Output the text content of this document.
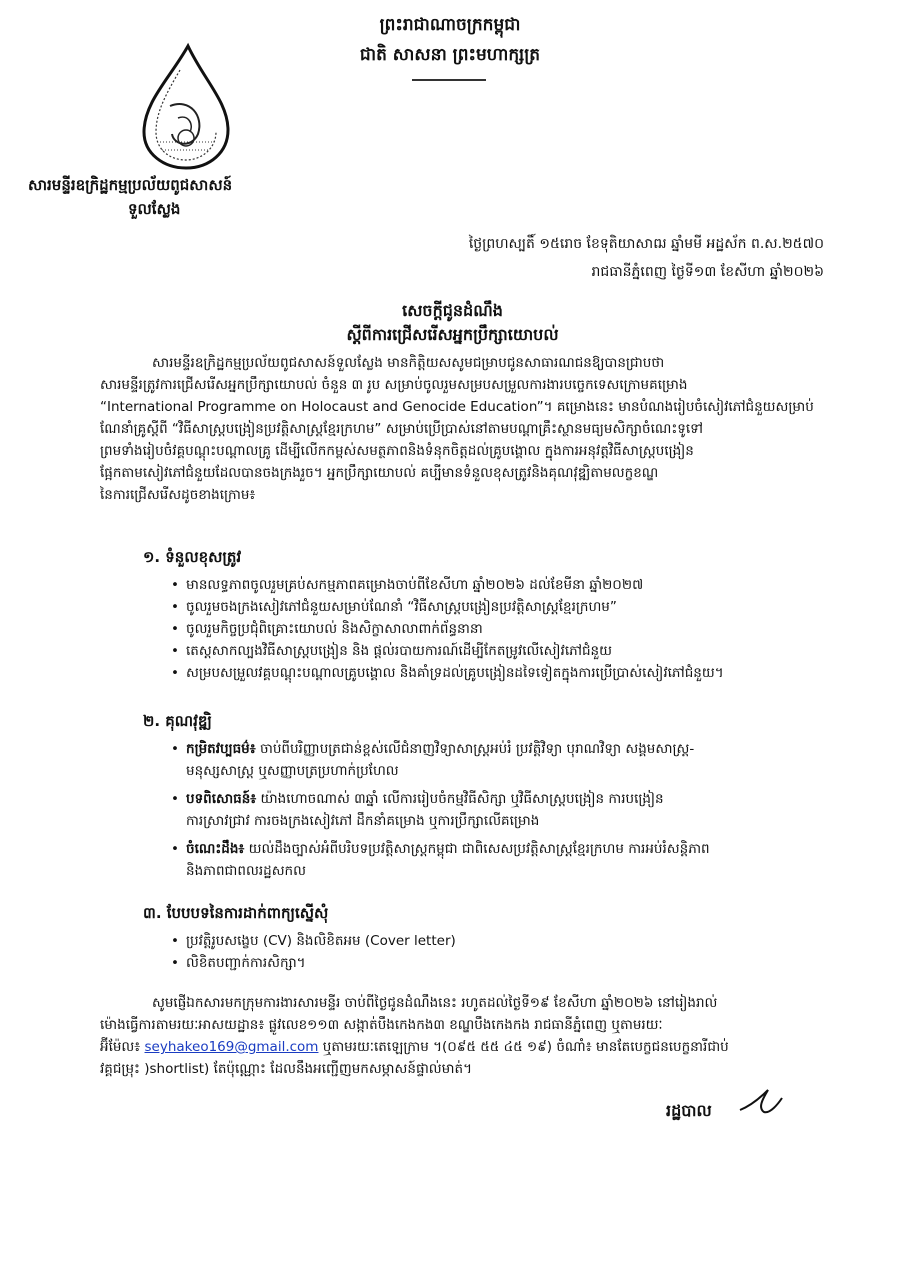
ព្រះរាជាណាចក្រកម្ពុជា
ជាតិ សាសនា ព្រះមហាក្សត្រ
សារមន្ទីរឧក្រិដ្ឋកម្មប្រល័យពូជសាសន៍
ទួលស្លែង
ថ្ងៃព្រហស្បតិ៍ ១៥រោច ខែទុតិយាសាឍ ឆ្នាំមមី អដ្ឋស័ក ព.ស.២៥៧០
រាជធានីភ្នំពេញ ថ្ងៃទី១៣ ខែសីហា ឆ្នាំ២០២៦
សេចក្តីជូនដំណឹង
ស្តីពីការជ្រើសរើសអ្នកប្រឹក្សាយោបល់
សារមន្ទីរឧក្រិដ្ឋកម្មប្រល័យពូជសាសន៍ទួលស្លែង មានកិត្តិយសសូមជម្រាបជូនសាធារណជនឱ្យបានជ្រាបថា
សារមន្ទីរត្រូវការជ្រើសរើសអ្នកប្រឹក្សាយោបល់ ចំនួន ៣ រូប សម្រាប់ចូលរួមសម្របសម្រួលការងារបច្ចេកទេសក្រោមគម្រោង
“International Programme on Holocaust and Genocide Education”។ គម្រោងនេះ មានបំណងរៀបចំសៀវភៅជំនួយសម្រាប់
ណែនាំគ្រូស្តីពី “វិធីសាស្ត្របង្រៀនប្រវត្តិសាស្ត្រខ្មែរក្រហម” សម្រាប់ប្រើប្រាស់នៅតាមបណ្តាគ្រឹះស្ថានមធ្យមសិក្សាចំណេះទូទៅ
ព្រមទាំងរៀបចំវគ្គបណ្តុះបណ្តាលគ្រូ ដើម្បីលើកកម្ពស់សមត្ថភាពនិងទំនុកចិត្តដល់គ្រូបង្គោល ក្នុងការអនុវត្តវិធីសាស្ត្របង្រៀន
ផ្អែកតាមសៀវភៅជំនួយដែលបានចងក្រងរួច។ អ្នកប្រឹក្សាយោបល់ គប្បីមានទំនួលខុសត្រូវនិងគុណវុឌ្ឍិតាមលក្ខខណ្ឌ
នៃការជ្រើសរើសដូចខាងក្រោម៖
១. ទំនួលខុសត្រូវ
• មានលទ្ធភាពចូលរួមគ្រប់សកម្មភាពគម្រោងចាប់ពីខែសីហា ឆ្នាំ២០២៦ ដល់ខែមីនា ឆ្នាំ២០២៧
• ចូលរួមចងក្រងសៀវភៅជំនួយសម្រាប់ណែនាំ “វិធីសាស្ត្របង្រៀនប្រវត្តិសាស្ត្រខ្មែរក្រហម”
• ចូលរួមកិច្ចប្រជុំពិគ្រោះយោបល់ និងសិក្ខាសាលាពាក់ព័ន្ធនានា
• តេស្តសាកល្បងវិធីសាស្ត្របង្រៀន និង ផ្តល់របាយការណ៍ដើម្បីកែតម្រូវលើសៀវភៅជំនួយ
• សម្របសម្រួលវគ្គបណ្តុះបណ្តាលគ្រូបង្គោល និងគាំទ្រដល់គ្រូបង្រៀនដទៃទៀតក្នុងការប្រើប្រាស់សៀវភៅជំនួយ។
២. គុណវុឌ្ឍិ
• កម្រិតវប្បធម៌៖ ចាប់ពីបរិញ្ញាបត្រជាន់ខ្ពស់លើជំនាញវិទ្យាសាស្ត្រអប់រំ ប្រវត្តិវិទ្យា បុរាណវិទ្យា សង្គមសាស្ត្រ-
មនុស្សសាស្ត្រ ឬសញ្ញាបត្រប្រហាក់ប្រហែល
• បទពិសោធន៍៖ យ៉ាងហោចណាស់ ៣ឆ្នាំ លើការរៀបចំកម្មវិធីសិក្សា ឬវិធីសាស្ត្របង្រៀន ការបង្រៀន
ការស្រាវជ្រាវ ការចងក្រងសៀវភៅ ដឹកនាំគម្រោង ឬការប្រឹក្សាលើគម្រោង
• ចំណេះដឹង៖ យល់ដឹងច្បាស់អំពីបរិបទប្រវត្តិសាស្ត្រកម្ពុជា ជាពិសេសប្រវត្តិសាស្ត្រខ្មែរក្រហម ការអប់រំសន្តិភាព
និងភាពជាពលរដ្ឋសកល
៣. បែបបទនៃការដាក់ពាក្យស្នើសុំ
• ប្រវត្តិរូបសង្ខេប (CV) និងលិខិតអម (Cover letter)
• លិខិតបញ្ជាក់ការសិក្សា។
សូមផ្ញើឯកសារមកក្រុមការងារសារមន្ទីរ ចាប់ពីថ្ងៃជូនដំណឹងនេះ រហូតដល់ថ្ងៃទី១៩ ខែសីហា ឆ្នាំ២០២៦ នៅរៀងរាល់
ម៉ោងធ្វើការតាមរយៈអាសយដ្ឋាន៖ ផ្លូវលេខ១១៣ សង្កាត់បឹងកេងកង៣ ខណ្ឌបឹងកេងកង រាជធានីភ្នំពេញ ឬតាមរយៈ
អ៊ីម៉ែល៖ seyhakeo169@gmail.com ឬតាមរយៈតេឡេក្រាម ។(០៩៥ ៥៥ ៤៥ ១៩) ចំណាំ៖ មានតែបេក្ខជនបេក្ខនារីជាប់
វគ្គជម្រុះ )shortlist) តែប៉ុណ្ណោះ ដែលនឹងអញ្ជើញមកសម្ភាសន៍ផ្ទាល់មាត់។
រដ្ឋបាល
